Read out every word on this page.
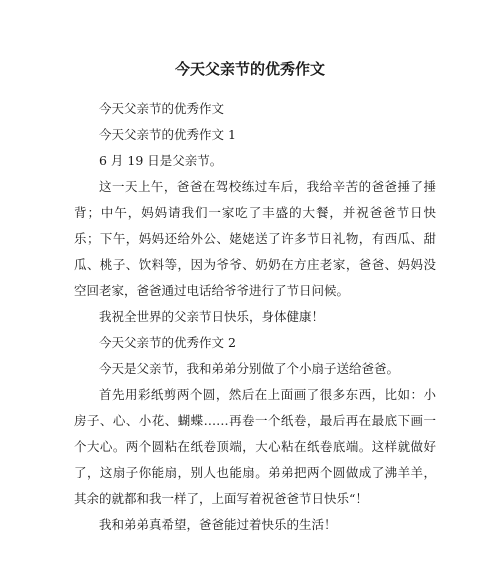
今天父亲节的优秀作文

今天父亲节的优秀作文

今天父亲节的优秀作文 1

6 月 19 日是父亲节。

这一天上午，爸爸在驾校练过车后，我给辛苦的爸爸捶了捶背；中午，妈妈请我们一家吃了丰盛的大餐，并祝爸爸节日快乐；下午，妈妈还给外公、姥姥送了许多节日礼物，有西瓜、甜瓜、桃子、饮料等，因为爷爷、奶奶在方庄老家，爸爸、妈妈没空回老家，爸爸通过电话给爷爷进行了节日问候。

我祝全世界的父亲节日快乐，身体健康！

今天父亲节的优秀作文 2

今天是父亲节，我和弟弟分别做了个小扇子送给爸爸。

首先用彩纸剪两个圆，然后在上面画了很多东西，比如：小房子、心、小花、蝴蝶……再卷一个纸卷，最后再在最底下画一个大心。两个圆粘在纸卷顶端，大心粘在纸卷底端。这样就做好了，这扇子你能扇，别人也能扇。弟弟把两个圆做成了沸羊羊，其余的就都和我一样了，上面写着祝爸爸节日快乐“！

我和弟弟真希望，爸爸能过着快乐的生活！
